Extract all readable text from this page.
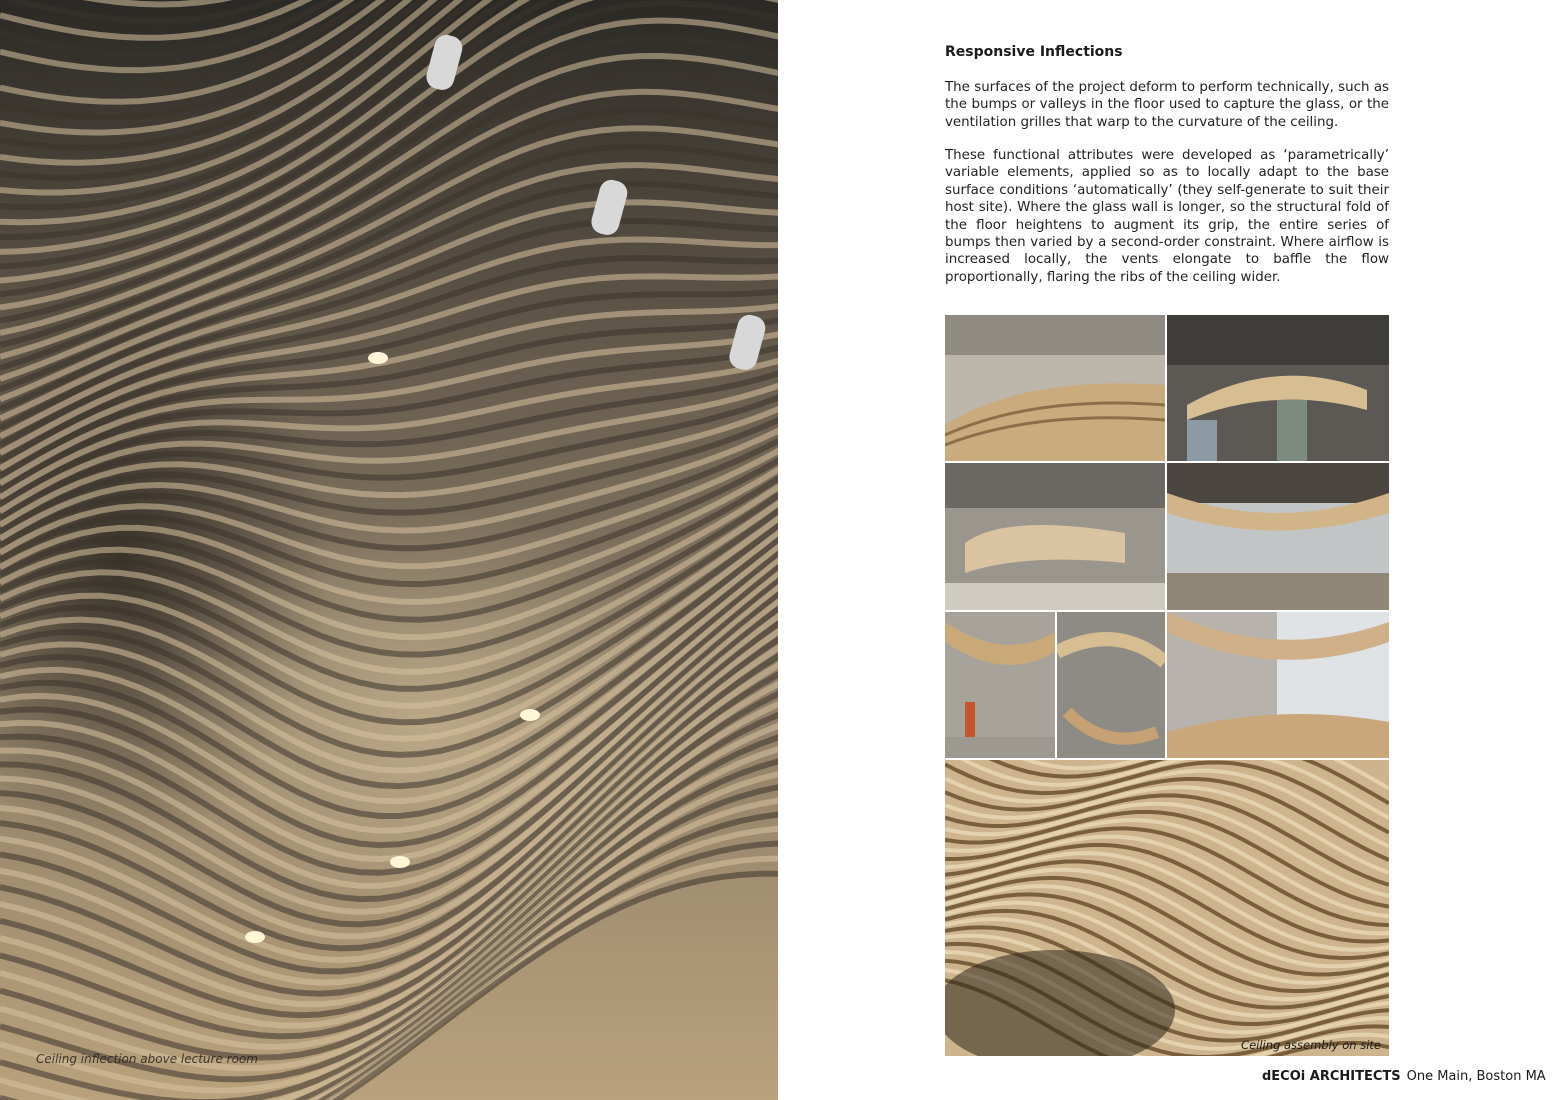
Ceiling inflection above lecture room
Responsive Inflections

The surfaces of the project deform to perform technically, such as the bumps or valleys in the floor used to capture the glass, or the ventilation grilles that warp to the curvature of the ceiling.

These functional attributes were developed as ‘parametrically’ variable elements, applied so as to locally adapt to the base surface conditions ‘automatically’ (they self-generate to suit their host site). Where the glass wall is longer, so the structural fold of the floor heightens to augment its grip, the entire series of bumps then varied by a second-order constraint. Where airflow is increased locally, the vents elongate to baffle the flow proportionally, flaring the ribs of the ceiling wider.

Ceiling assembly on site
dECOi ARCHITECTS One Main, Boston MA
